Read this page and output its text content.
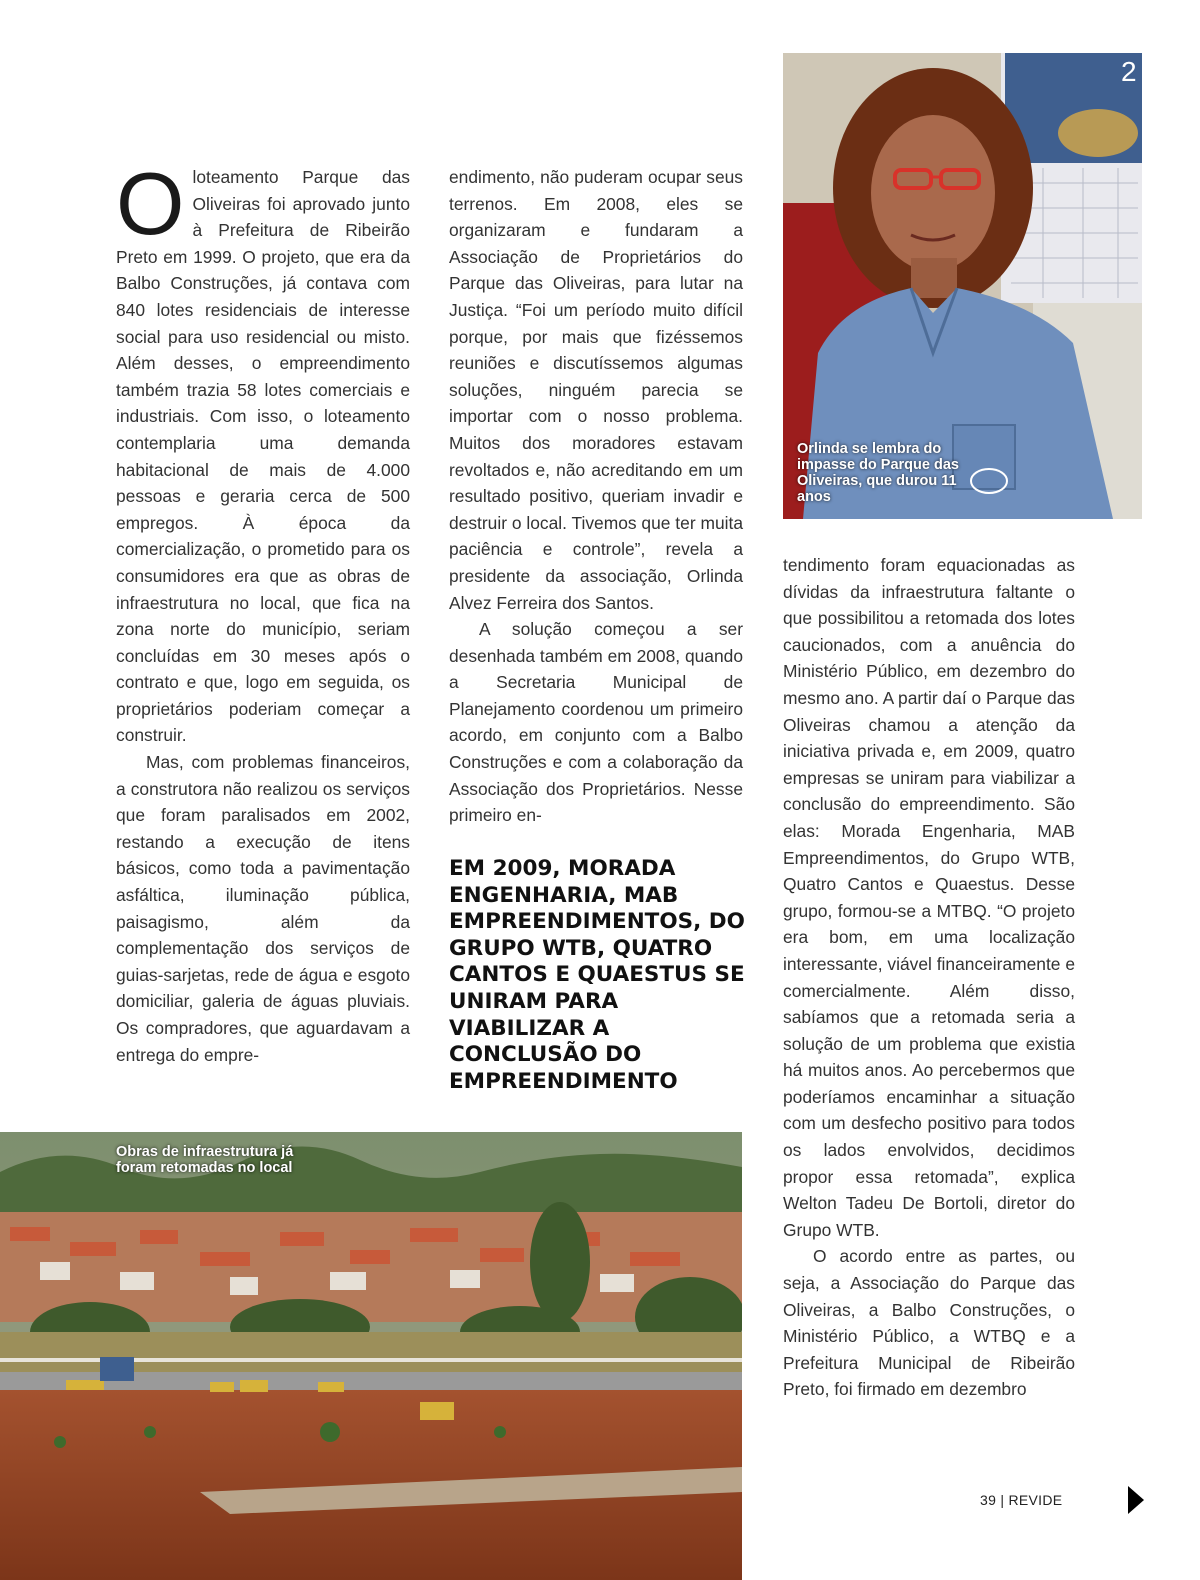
Oloteamento Parque das Oliveiras foi aprovado junto à Prefeitura de Ribeirão Preto em 1999. O projeto, que era da Balbo Construções, já contava com 840 lotes residenciais de interesse social para uso residencial ou misto. Além desses, o empreendimento também trazia 58 lotes comerciais e industriais. Com isso, o loteamento contemplaria uma demanda habitacional de mais de 4.000 pessoas e geraria cerca de 500 empregos. À época da comercialização, o prometido para os consumidores era que as obras de infraestrutura no local, que fica na zona norte do município, seriam concluídas em 30 meses após o contrato e que, logo em seguida, os proprietários poderiam começar a construir.

Mas, com problemas financeiros, a construtora não realizou os serviços que foram paralisados em 2002, restando a execução de itens básicos, como toda a pavimentação asfáltica, iluminação pública, paisagismo, além da complementação dos serviços de guias-sarjetas, rede de água e esgoto domiciliar, galeria de águas pluviais. Os compradores, que aguardavam a entrega do empre-

endimento, não puderam ocupar seus terrenos. Em 2008, eles se organizaram e fundaram a Associação de Proprietários do Parque das Oliveiras, para lutar na Justiça. “Foi um período muito difícil porque, por mais que fizéssemos reuniões e discutíssemos algumas soluções, ninguém parecia se importar com o nosso problema. Muitos dos moradores estavam revoltados e, não acreditando em um resultado positivo, queriam invadir e destruir o local. Tivemos que ter muita paciência e controle”, revela a presidente da associação, Orlinda Alvez Ferreira dos Santos.

A solução começou a ser desenhada também em 2008, quando a Secretaria Municipal de Planejamento coordenou um primeiro acordo, em conjunto com a Balbo Construções e com a colaboração da Associação dos Proprietários. Nesse primeiro en-

EM 2009, MORADA ENGENHARIA, MAB EMPREENDIMENTOS, DO GRUPO WTB, QUATRO CANTOS E QUAESTUS SE UNIRAM PARA VIABILIZAR A CONCLUSÃO DO EMPREENDIMENTO

tendimento foram equacionadas as dívidas da infraestrutura faltante o que possibilitou a retomada dos lotes caucionados, com a anuência do Ministério Público, em dezembro do mesmo ano. A partir daí o Parque das Oliveiras chamou a atenção da iniciativa privada e, em 2009, quatro empresas se uniram para viabilizar a conclusão do empreendimento. São elas: Morada Engenharia, MAB Empreendimentos, do Grupo WTB, Quatro Cantos e Quaestus. Desse grupo, formou-se a MTBQ. “O projeto era bom, em uma localização interessante, viável financeiramente e comercialmente. Além disso, sabíamos que a retomada seria a solução de um problema que existia há muitos anos. Ao percebermos que poderíamos encaminhar a situação com um desfecho positivo para todos os lados envolvidos, decidimos propor essa retomada”, explica Welton Tadeu De Bortoli, diretor do Grupo WTB.

O acordo entre as partes, ou seja, a Associação do Parque das Oliveiras, a Balbo Construções, o Ministério Público, a WTBQ e a Prefeitura Municipal de Ribeirão Preto, foi firmado em dezembro

2
Orlinda se lembra do impasse do Parque das Oliveiras, que durou 11 anos
Obras de infraestrutura já foram retomadas no local
39 | REVIDE
